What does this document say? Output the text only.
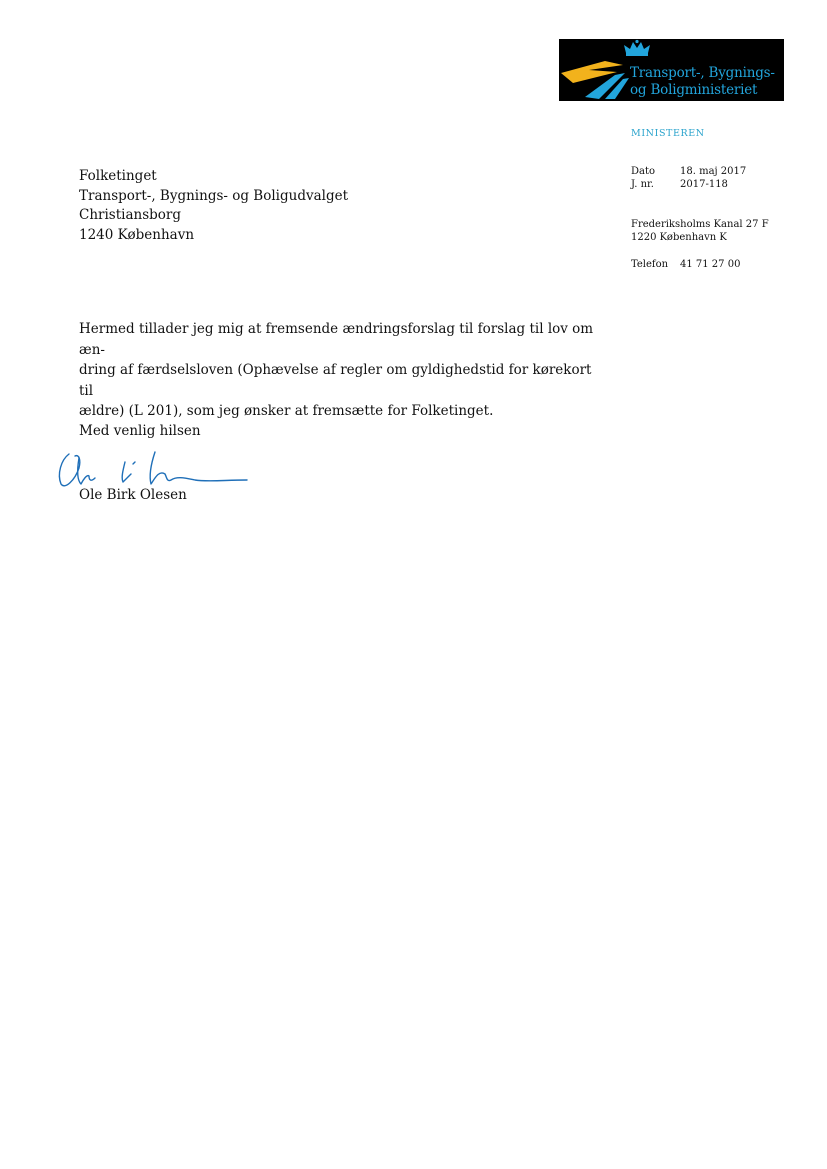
Transport-, Bygnings-
og Boligministeriet
MINISTEREN
Dato 18. maj 2017
J. nr.	2017-118
Frederiksholms Kanal 27 F
1220 København K
Telefon 41 71 27 00
Folketinget
Transport-, Bygnings- og Boligudvalget
Christiansborg
1240 København
Hermed tillader jeg mig at fremsende ændringsforslag til forslag til lov om æn-
dring af færdselsloven (Ophævelse af regler om gyldighedstid for kørekort til
ældre) (L 201), som jeg ønsker at fremsætte for Folketinget.
Med venlig hilsen
Ole Birk Olesen
